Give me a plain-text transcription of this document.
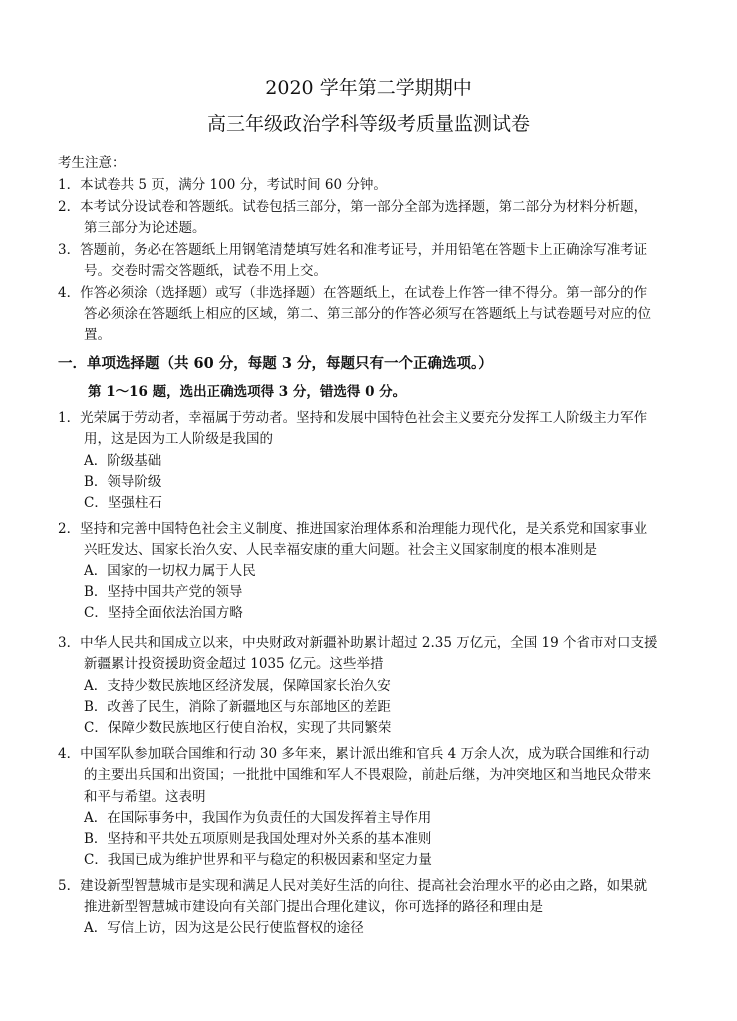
2020 学年第二学期期中
高三年级政治学科等级考质量监测试卷
考生注意：
1．本试卷共 5 页，满分 100 分，考试时间 60 分钟。
2．本考试分设试卷和答题纸。试卷包括三部分，第一部分全部为选择题，第二部分为材料分析题，
第三部分为论述题。
3．答题前，务必在答题纸上用钢笔清楚填写姓名和准考证号，并用铅笔在答题卡上正确涂写准考证
号。交卷时需交答题纸，试卷不用上交。
4．作答必须涂（选择题）或写（非选择题）在答题纸上，在试卷上作答一律不得分。第一部分的作
答必须涂在答题纸上相应的区域，第二、第三部分的作答必须写在答题纸上与试卷题号对应的位
置。
一．单项选择题（共 60 分，每题 3 分，每题只有一个正确选项。）
第 1～16 题，选出正确选项得 3 分，错选得 0 分。
1．光荣属于劳动者，幸福属于劳动者。坚持和发展中国特色社会主义要充分发挥工人阶级主力军作
用，这是因为工人阶级是我国的
A．阶级基础
B．领导阶级
C．坚强柱石
2．坚持和完善中国特色社会主义制度、推进国家治理体系和治理能力现代化，是关系党和国家事业
兴旺发达、国家长治久安、人民幸福安康的重大问题。社会主义国家制度的根本准则是
A．国家的一切权力属于人民
B．坚持中国共产党的领导
C．坚持全面依法治国方略
3．中华人民共和国成立以来，中央财政对新疆补助累计超过 2.35 万亿元，全国 19 个省市对口支援
新疆累计投资援助资金超过 1035 亿元。这些举措
A．支持少数民族地区经济发展，保障国家长治久安
B．改善了民生，消除了新疆地区与东部地区的差距
C．保障少数民族地区行使自治权，实现了共同繁荣
4．中国军队参加联合国维和行动 30 多年来，累计派出维和官兵 4 万余人次，成为联合国维和行动
的主要出兵国和出资国；一批批中国维和军人不畏艰险，前赴后继，为冲突地区和当地民众带来
和平与希望。这表明
A．在国际事务中，我国作为负责任的大国发挥着主导作用
B．坚持和平共处五项原则是我国处理对外关系的基本准则
C．我国已成为维护世界和平与稳定的积极因素和坚定力量
5．建设新型智慧城市是实现和满足人民对美好生活的向往、提高社会治理水平的必由之路，如果就
推进新型智慧城市建设向有关部门提出合理化建议，你可选择的路径和理由是
A．写信上访，因为这是公民行使监督权的途径
